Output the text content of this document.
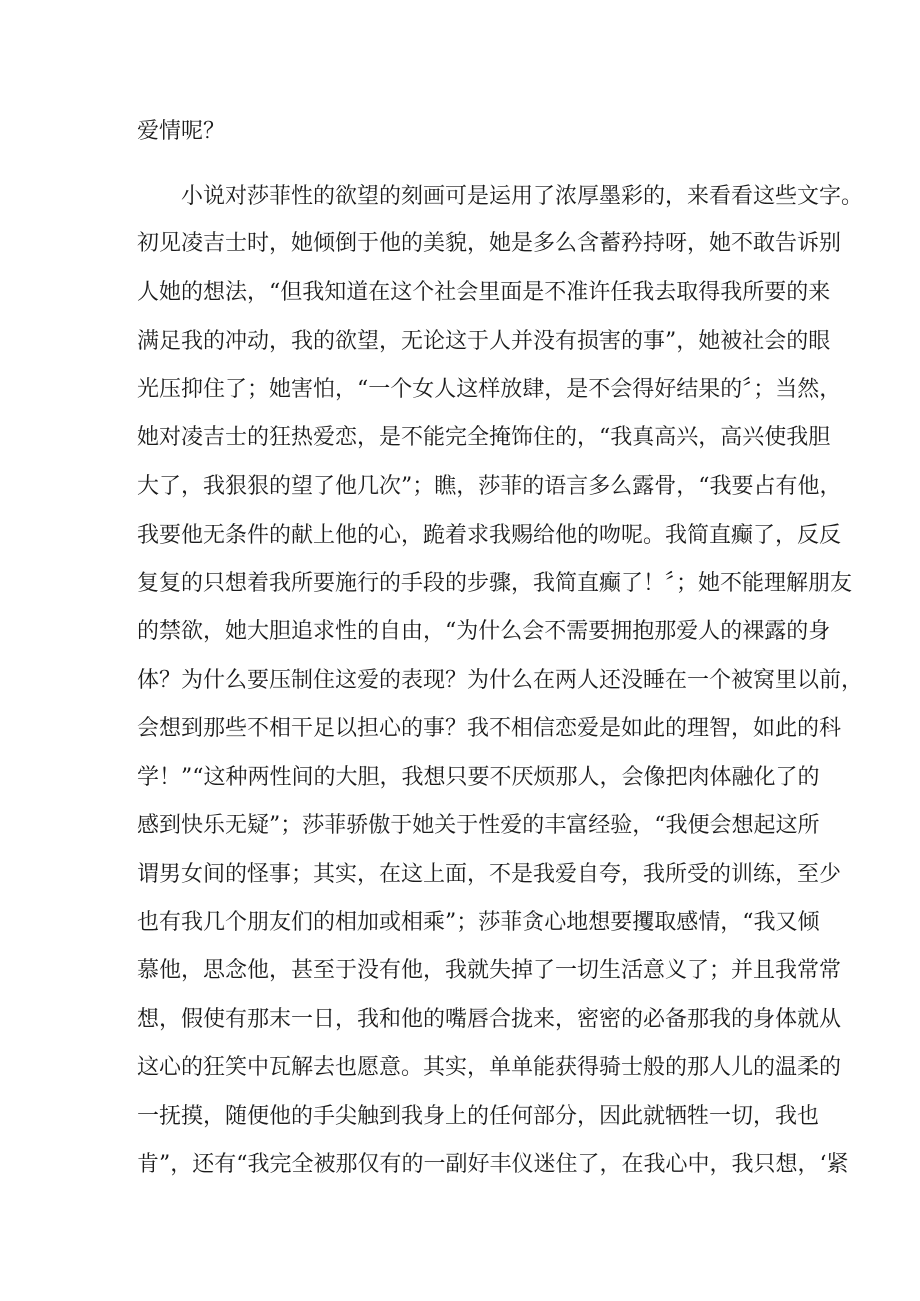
爱情呢？
小说对莎菲性的欲望的刻画可是运用了浓厚墨彩的，来看看这些文字。
初见凌吉士时，她倾倒于他的美貌，她是多么含蓄矜持呀，她不敢告诉别
人她的想法，“但我知道在这个社会里面是不准许任我去取得我所要的来
满足我的冲动，我的欲望，无论这于人并没有损害的事”，她被社会的眼
光压抑住了；她害怕，“一个女人这样放肆，是不会得好结果的〞；当然，
她对凌吉士的狂热爱恋，是不能完全掩饰住的，“我真高兴，高兴使我胆
大了，我狠狠的望了他几次”；瞧，莎菲的语言多么露骨，“我要占有他，
我要他无条件的献上他的心，跪着求我赐给他的吻呢。我简直癫了，反反
复复的只想着我所要施行的手段的步骤，我简直癫了！〞；她不能理解朋友
的禁欲，她大胆追求性的自由，“为什么会不需要拥抱那爱人的裸露的身
体？为什么要压制住这爱的表现？为什么在两人还没睡在一个被窝里以前，
会想到那些不相干足以担心的事？我不相信恋爱是如此的理智，如此的科
学！”“这种两性间的大胆，我想只要不厌烦那人，会像把肉体融化了的
感到快乐无疑”；莎菲骄傲于她关于性爱的丰富经验，“我便会想起这所
谓男女间的怪事；其实，在这上面，不是我爱自夸，我所受的训练，至少
也有我几个朋友们的相加或相乘”；莎菲贪心地想要攫取感情，“我又倾
慕他，思念他，甚至于没有他，我就失掉了一切生活意义了；并且我常常
想，假使有那末一日，我和他的嘴唇合拢来，密密的必备那我的身体就从
这心的狂笑中瓦解去也愿意。其实，单单能获得骑士般的那人儿的温柔的
一抚摸，随便他的手尖触到我身上的任何部分，因此就牺牲一切，我也
肯”，还有“我完全被那仅有的一副好丰仪迷住了，在我心中，我只想，‘紧
